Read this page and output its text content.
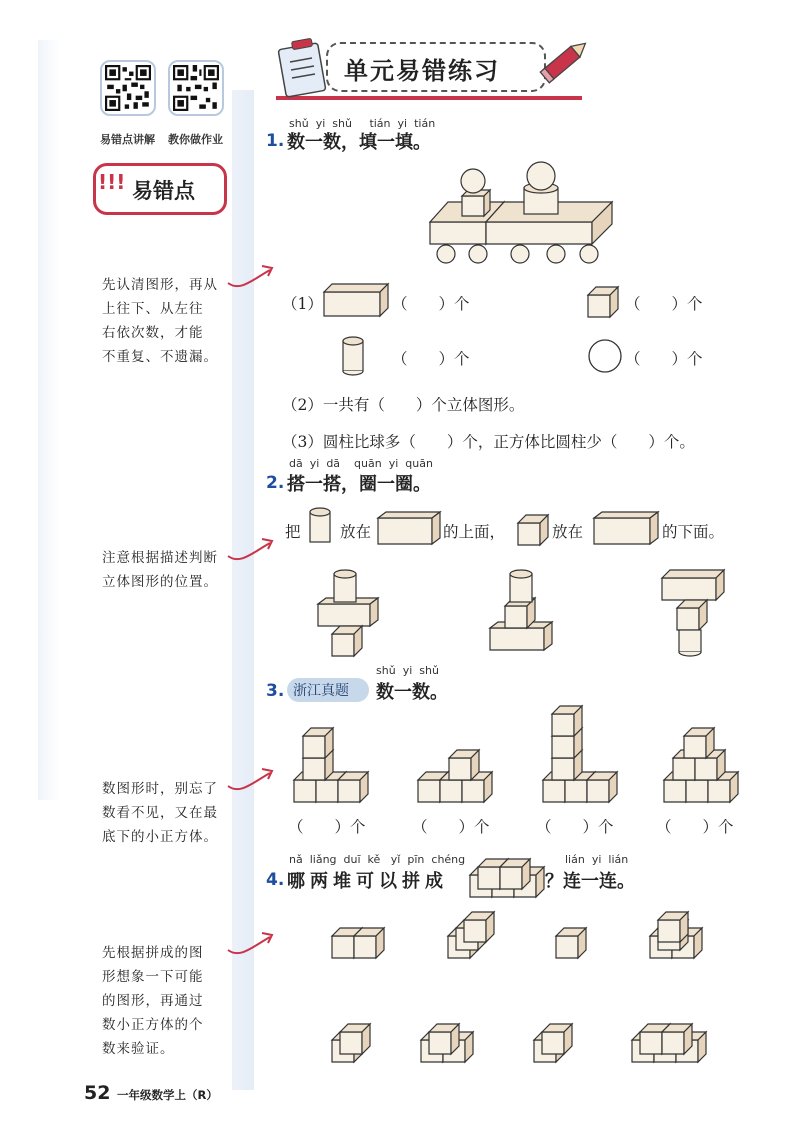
易错点讲解 教你做作业
!!! 易错点
先认清图形，再从
上往下、从左往
右依次数，才能
不重复、不遗漏。
注意根据描述判断
立体图形的位置。
数图形时，别忘了
数看不见，又在最
底下的小正方体。
先根据拼成的图
形想象一下可能
的图形，再通过
数小正方体的个
数来验证。
单元易错练习
shǔ yi shǔ tián yi tián
1. 数一数，填一填。
（1）	（　　）个	（　　）个
（　　）个	（　　）个
（2）一共有（　　）个立体图形。
（3）圆柱比球多（　　）个，正方体比圆柱少（　　）个。
dā yi dā quān yi quān
2. 搭一搭，圈一圈。
把	放在	的上面，	放在	的下面。
shǔ yi shǔ
3. 浙江真题 数一数。
（　　）个	（　　）个	（　　）个	（　　）个
nǎ liǎng duī kě yǐ pīn chéng
4. 哪两堆可以拼成
lián yi lián
？连一连。
52 一年级数学上（R）
